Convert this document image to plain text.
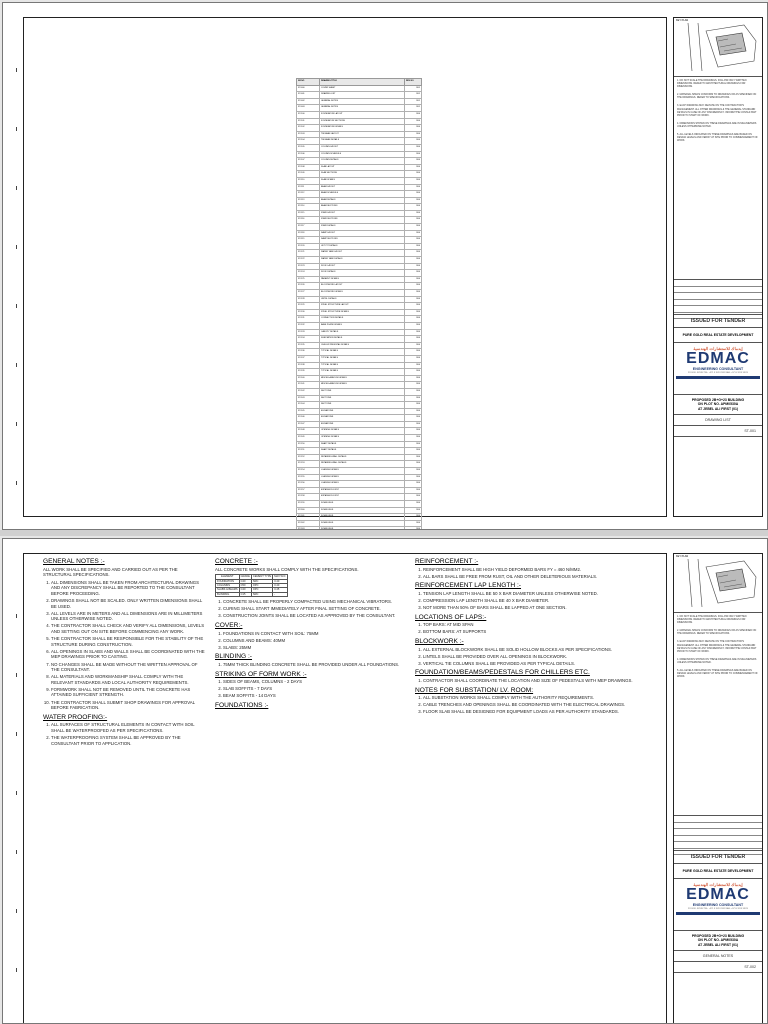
SR.NO	DRAWING TITLE	REV NO
ST-000	COVER SHEET	R01
ST-001	DRAWING LIST	R01
ST-002	GENERAL NOTES	R01
ST-003	GENERAL NOTES	R01
ST-100	FOUNDATION LAYOUT	R00
ST-101	FOUNDATION SECTIONS	R00
ST-102	FOUNDATION DETAILS	R00
ST-103	TIE BEAM LAYOUT	R00
ST-104	TIE BEAM DETAILS	R00
ST-105	COLUMN LAYOUT	R00
ST-106	COLUMN SCHEDULE	R00
ST-107	COLUMN DETAILS	R00
ST-108	SLAB LAYOUT	R00
ST-109	SLAB SECTIONS	R00
ST-110	SLAB DETAILS	R00
ST-111	BEAM LAYOUT	R00
ST-112	BEAM SCHEDULE	R00
ST-113	BEAM DETAILS	R00
ST-114	BEAM SECTIONS	R00
ST-115	STAIR LAYOUT	R00
ST-116	STAIR SECTIONS	R00
ST-117	STAIR DETAILS	R00
ST-118	RAMP LAYOUT	R00
ST-119	RAMP SECTIONS	R00
ST-120	LIFT PIT DETAILS	R00
ST-121	WATER TANK LAYOUT	R00
ST-122	WATER TANK DETAILS	R00
ST-123	ROOF LAYOUT	R00
ST-124	ROOF DETAILS	R00
ST-125	PARAPET DETAILS	R00
ST-126	BLOCKWORK LAYOUT	R00
ST-127	BLOCKWORK DETAILS	R00
ST-128	LINTEL DETAILS	R00
ST-129	STEEL STRUCTURE LAYOUT	R00
ST-130	STEEL STRUCTURE DETAILS	R00
ST-131	CONNECTION DETAILS	R00
ST-132	BASE PLATE DETAILS	R00
ST-133	CANOPY DETAILS	R00
ST-134	SUBSTATION DETAILS	R00
ST-135	CHILLER PEDESTAL DETAILS	R00
ST-136	TYPICAL DETAILS	R00
ST-137	TYPICAL DETAILS	R00
ST-138	TYPICAL DETAILS	R00
ST-139	TYPICAL DETAILS	R00
ST-140	MISCELLANEOUS DETAILS	R00
ST-141	MISCELLANEOUS DETAILS	R00
ST-142	SECTIONS	R00
ST-143	SECTIONS	R00
ST-144	SECTIONS	R00
ST-145	ELEVATIONS	R00
ST-146	ELEVATIONS	R00
ST-147	ELEVATIONS	R00
ST-148	OPENING DETAILS	R00
ST-149	OPENING DETAILS	R00
ST-150	SHAFT DETAILS	R00
ST-151	SHAFT DETAILS	R00
ST-152	RETAINING WALL DETAILS	R00
ST-153	RETAINING WALL DETAILS	R00
ST-154	LOADING DETAILS	R00
ST-155	LOADING DETAILS	R00
ST-156	LOADING DETAILS	R00
ST-157	EXPANSION JOINT	R00
ST-158	EXPANSION JOINT	R00
ST-159	SCHEDULES	R00
ST-160	SCHEDULES	R00
ST-161	SCHEDULES	R00
ST-162	SCHEDULES	R00

KEY PLAN

1. DO NOT SCALE THE DRAWINGS. FOLLOW ONLY WRITTEN DIMENSIONS. REFER TO ARCHITECTURAL DRAWINGS FOR DIMENSIONS.

2. MATERIAL SPECS CONFORM TO DRAWINGS OR AS SPECIFIED ON THE DRAWINGS. REFER TO SPECIFICATIONS.

3. EACH DRAWING MAY DEVIATE ON THE CONTRACTOR'S MANAGEMENT. ALL OTHER DRAWINGS & THE GENERAL STANDARD DETAILS IN CASE OF ANY DISCREPANCY. INFORM THE CONSULTANT PRIOR TO START OF WORK.

4. DIMENSIONS SHOWN ON THESE DRAWINGS ARE IN MILLIMETERS UNLESS OTHERWISE NOTED.

5. ALL LEVELS INDICATED ON THESE DRAWINGS ARE BASED ON DESIGN LEVELS AND VERIFY AT SITE PRIOR TO COMMENCEMENT OF WORK.

ISSUED FOR TENDER
PURE GOLD REAL ESTATE DEVELOPMENT
إيدماك للاستشارات الهندسية
EDMAC
ENGINEERING CONSULTANT
PO BOX: XXXXX TEL: +971 X XXX XXXX FAX: +971 X XXX XXXX
PROPOSED 2B+G+23 BUILDING
ON PLOT NO. APM0530A
AT JEBEL ALI FIRST (01)
DRAWING LIST
ST-001
GENERAL NOTES :-

ALL WORK SHALL BE SPECIFIED AND CARRIED OUT AS PER THE STRUCTURAL SPECIFICATIONS.

1. ALL DIMENSIONS SHALL BE TAKEN FROM ARCHITECTURAL DRAWINGS AND ANY DISCREPANCY SHALL BE REPORTED TO THE CONSULTANT BEFORE PROCEEDING.
2. DRAWINGS SHALL NOT BE SCALED. ONLY WRITTEN DIMENSIONS SHALL BE USED.
3. ALL LEVELS ARE IN METERS AND ALL DIMENSIONS ARE IN MILLIMETERS UNLESS OTHERWISE NOTED.
4. THE CONTRACTOR SHALL CHECK AND VERIFY ALL DIMENSIONS, LEVELS AND SETTING OUT ON SITE BEFORE COMMENCING ANY WORK.
5. THE CONTRACTOR SHALL BE RESPONSIBLE FOR THE STABILITY OF THE STRUCTURE DURING CONSTRUCTION.
6. ALL OPENINGS IN SLABS AND WALLS SHALL BE COORDINATED WITH THE MEP DRAWINGS PRIOR TO CASTING.
7. NO CHANGES SHALL BE MADE WITHOUT THE WRITTEN APPROVAL OF THE CONSULTANT.
8. ALL MATERIALS AND WORKMANSHIP SHALL COMPLY WITH THE RELEVANT STANDARDS AND LOCAL AUTHORITY REQUIREMENTS.
9. FORMWORK SHALL NOT BE REMOVED UNTIL THE CONCRETE HAS ATTAINED SUFFICIENT STRENGTH.
10. THE CONTRACTOR SHALL SUBMIT SHOP DRAWINGS FOR APPROVAL BEFORE FABRICATION.
WATER PROOFING:-
1. ALL SURFACES OF STRUCTURAL ELEMENTS IN CONTACT WITH SOIL SHALL BE WATERPROOFED AS PER SPECIFICATIONS.
2. THE WATERPROOFING SYSTEM SHALL BE APPROVED BY THE CONSULTANT PRIOR TO APPLICATION.
CONCRETE :-

ALL CONCRETE WORKS SHALL COMPLY WITH THE SPECIFICATIONS.

ELEMENT	GRADE	CEMENT TYPE	MAX W/C
FOUNDATION	C40	SRC	0.40
COLUMNS	C50	OPC	0.40
SLABS & BEAMS	C40	OPC	0.45
BLINDING	C15	SRC	-
1. CONCRETE SHALL BE PROPERLY COMPACTED USING MECHANICAL VIBRATORS.
2. CURING SHALL START IMMEDIATELY AFTER FINAL SETTING OF CONCRETE.
3. CONSTRUCTION JOINTS SHALL BE LOCATED AS APPROVED BY THE CONSULTANT.
COVER:-
1. FOUNDATIONS IN CONTACT WITH SOIL: 75MM
2. COLUMNS AND BEAMS: 40MM
3. SLABS: 25MM
BLINDING :-
1. 75MM THICK BLINDING CONCRETE SHALL BE PROVIDED UNDER ALL FOUNDATIONS.
STRIKING OF FORM WORK :-
1. SIDES OF BEAMS, COLUMNS - 2 DAYS
2. SLAB SOFFITS - 7 DAYS
3. BEAM SOFFITS - 14 DAYS
FOUNDATIONS :-
REINFORCEMENT :-
1. REINFORCEMENT SHALL BE HIGH YIELD DEFORMED BARS FY = 460 N/MM2.
2. ALL BARS SHALL BE FREE FROM RUST, OIL AND OTHER DELETERIOUS MATERIALS.
REINFORCEMENT LAP LENGTH :-
1. TENSION LAP LENGTH SHALL BE 50 X BAR DIAMETER UNLESS OTHERWISE NOTED.
2. COMPRESSION LAP LENGTH SHALL BE 40 X BAR DIAMETER.
3. NOT MORE THAN 50% OF BARS SHALL BE LAPPED AT ONE SECTION.
LOCATIONS OF LAPS:-
1. TOP BARS: AT MID SPAN
2. BOTTOM BARS: AT SUPPORTS
BLOCKWORK :-
1. ALL EXTERNAL BLOCKWORK SHALL BE SOLID HOLLOW BLOCKS AS PER SPECIFICATIONS.
2. LINTELS SHALL BE PROVIDED OVER ALL OPENINGS IN BLOCKWORK.
3. VERTICAL TIE COLUMNS SHALL BE PROVIDED AS PER TYPICAL DETAILS.
FOUNDATION/BEAMS/PEDESTALS FOR CHILLERS ETC.
1. CONTRACTOR SHALL COORDINATE THE LOCATION AND SIZE OF PEDESTALS WITH MEP DRAWINGS.
NOTES FOR SUBSTATION/ LV. ROOM:
1. ALL SUBSTATION WORKS SHALL COMPLY WITH THE AUTHORITY REQUIREMENTS.
2. CABLE TRENCHES AND OPENINGS SHALL BE COORDINATED WITH THE ELECTRICAL DRAWINGS.
3. FLOOR SLAB SHALL BE DESIGNED FOR EQUIPMENT LOADS AS PER AUTHORITY STANDARDS.
KEY PLAN

1. DO NOT SCALE THE DRAWINGS. FOLLOW ONLY WRITTEN DIMENSIONS. REFER TO ARCHITECTURAL DRAWINGS FOR DIMENSIONS.

2. MATERIAL SPECS CONFORM TO DRAWINGS OR AS SPECIFIED ON THE DRAWINGS. REFER TO SPECIFICATIONS.

3. EACH DRAWING MAY DEVIATE ON THE CONTRACTOR'S MANAGEMENT. ALL OTHER DRAWINGS & THE GENERAL STANDARD DETAILS IN CASE OF ANY DISCREPANCY. INFORM THE CONSULTANT PRIOR TO START OF WORK.

4. DIMENSIONS SHOWN ON THESE DRAWINGS ARE IN MILLIMETERS UNLESS OTHERWISE NOTED.

5. ALL LEVELS INDICATED ON THESE DRAWINGS ARE BASED ON DESIGN LEVELS AND VERIFY AT SITE PRIOR TO COMMENCEMENT OF WORK.

ISSUED FOR TENDER
PURE GOLD REAL ESTATE DEVELOPMENT
إيدماك للاستشارات الهندسية
EDMAC
ENGINEERING CONSULTANT
PO BOX: XXXXX TEL: +971 X XXX XXXX FAX: +971 X XXX XXXX
PROPOSED 2B+G+23 BUILDING
ON PLOT NO. APM0530A
AT JEBEL ALI FIRST (01)
GENERAL NOTES
ST-002
